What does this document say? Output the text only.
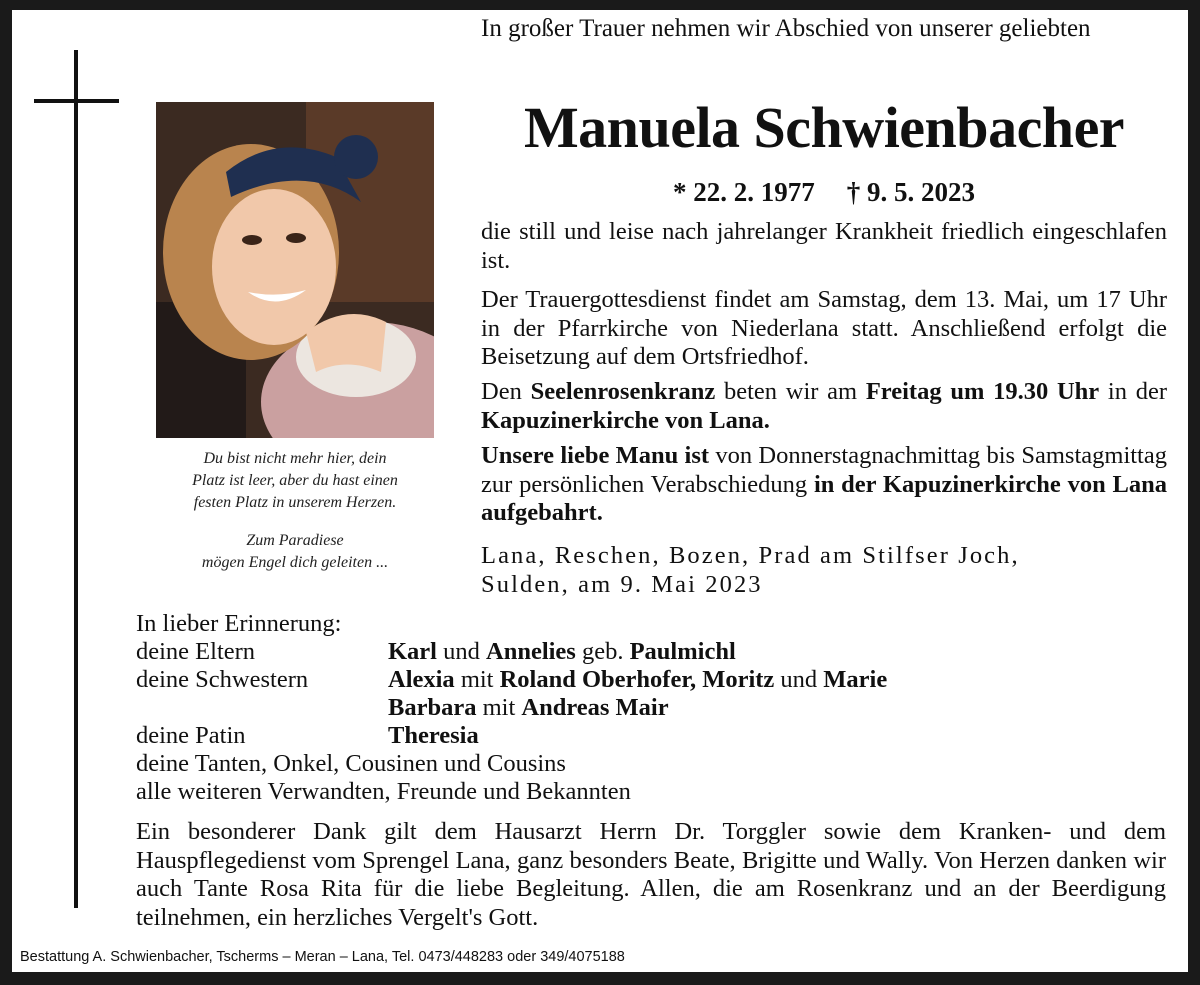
Du bist nicht mehr hier, dein
Platz ist leer, aber du hast einen
festen Platz in unserem Herzen.
Zum Paradiese
mögen Engel dich geleiten ...
In großer Trauer nehmen wir Abschied von unserer geliebten
Manuela Schwienbacher
* 22. 2. 1977 † 9. 5. 2023
die still und leise nach jahrelanger Krankheit friedlich eingeschlafen ist.
Der Trauergottesdienst findet am Samstag, dem 13. Mai, um 17 Uhr in der Pfarrkirche von Niederlana statt. Anschließend erfolgt die Beisetzung auf dem Ortsfriedhof.
Den Seelenrosenkranz beten wir am Freitag um 19.30 Uhr in der Kapuzinerkirche von Lana.
Unsere liebe Manu ist von Donnerstagnachmittag bis Samstagmittag zur persönlichen Verabschiedung in der Kapuzinerkirche von Lana aufgebahrt.
Lana, Reschen, Bozen, Prad am Stilfser Joch,
Sulden, am 9. Mai 2023
In lieber Erinnerung:
deine Eltern	Karl und Annelies geb. Paulmichl
deine Schwestern	Alexia mit Roland Oberhofer, Moritz und Marie
Barbara mit Andreas Mair
deine Patin	Theresia
deine Tanten, Onkel, Cousinen und Cousins
alle weiteren Verwandten, Freunde und Bekannten
Ein besonderer Dank gilt dem Hausarzt Herrn Dr. Torggler sowie dem Kranken- und dem Hauspflegedienst vom Sprengel Lana, ganz besonders Beate, Brigitte und Wally. Von Herzen danken wir auch Tante Rosa Rita für die liebe Begleitung. Allen, die am Rosenkranz und an der Beerdigung teilnehmen, ein herzliches Vergelt's Gott.
Bestattung A. Schwienbacher, Tscherms – Meran – Lana, Tel. 0473/448283 oder 349/4075188
